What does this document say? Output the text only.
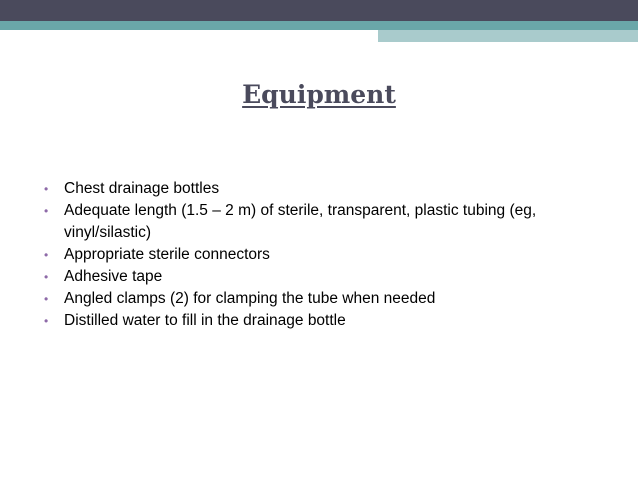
Equipment
• Chest drainage bottles
• Adequate length (1.5 – 2 m) of sterile, transparent, plastic tubing (eg, vinyl/silastic)
• Appropriate sterile connectors
• Adhesive tape
• Angled clamps (2) for clamping the tube when needed
• Distilled water to fill in the drainage bottle
